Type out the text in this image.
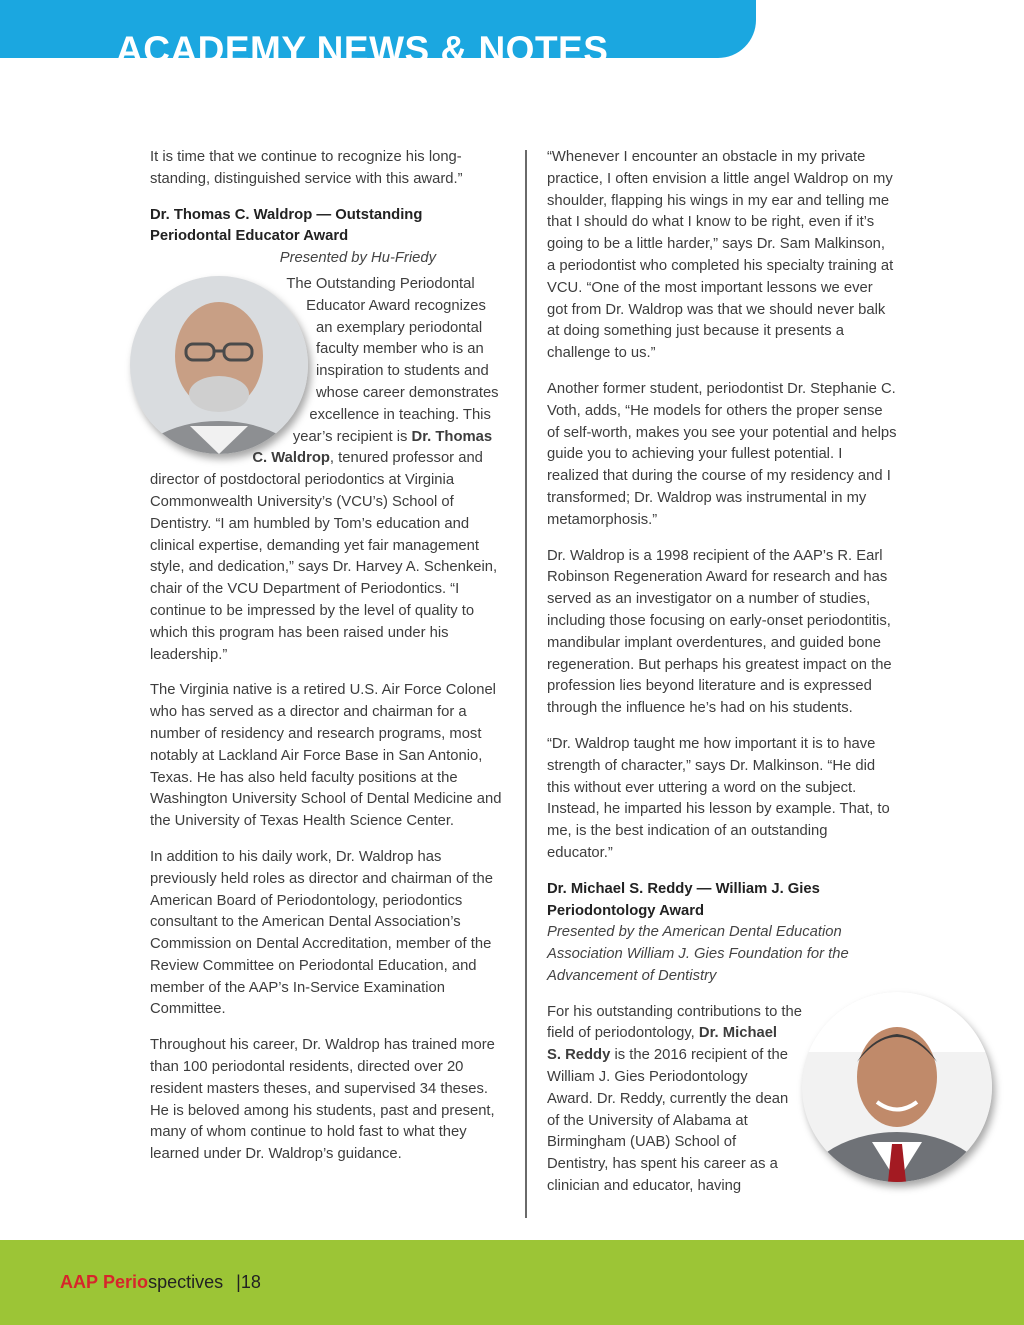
ACADEMY NEWS & NOTES

It is time that we continue to recognize his long-standing, distinguished service with this award.”

Dr. Thomas C. Waldrop — Outstanding Periodontal Educator Award

Presented by Hu-Friedy

The Outstanding Periodontal Educator Award recognizes an exemplary periodontal faculty member who is an inspiration to students and whose career demonstrates excellence in teaching. This year’s recipient is Dr. Thomas C. Waldrop, tenured professor and director of postdoctoral periodontics at Virginia Commonwealth University’s (VCU’s) School of Dentistry. “I am humbled by Tom’s education and clinical expertise, demanding yet fair management style, and dedication,” says Dr. Harvey A. Schenkein, chair of the VCU Department of Periodontics. “I continue to be impressed by the level of quality to which this program has been raised under his leadership.”

The Virginia native is a retired U.S. Air Force Colonel who has served as a director and chairman for a number of residency and research programs, most notably at Lackland Air Force Base in San Antonio, Texas. He has also held faculty positions at the Washington University School of Dental Medicine and the University of Texas Health Science Center.

In addition to his daily work, Dr. Waldrop has previously held roles as director and chairman of the American Board of Periodontology, periodontics consultant to the American Dental Association’s Commission on Dental Accreditation, member of the Review Committee on Periodontal Education, and member of the AAP’s In-Service Examination Committee.

Throughout his career, Dr. Waldrop has trained more than 100 periodontal residents, directed over 20 resident masters theses, and supervised 34 theses. He is beloved among his students, past and present, many of whom continue to hold fast to what they learned under Dr. Waldrop’s guidance.

“Whenever I encounter an obstacle in my private practice, I often envision a little angel Waldrop on my shoulder, flapping his wings in my ear and telling me that I should do what I know to be right, even if it’s going to be a little harder,” says Dr. Sam Malkinson, a periodontist who completed his specialty training at VCU. “One of the most important lessons we ever got from Dr. Waldrop was that we should never balk at doing something just because it presents a challenge to us.”

Another former student, periodontist Dr. Stephanie C. Voth, adds, “He models for others the proper sense of self-worth, makes you see your potential and helps guide you to achieving your fullest potential. I realized that during the course of my residency and I transformed; Dr. Waldrop was instrumental in my metamorphosis.”

Dr. Waldrop is a 1998 recipient of the AAP’s R. Earl Robinson Regeneration Award for research and has served as an investigator on a number of studies, including those focusing on early-onset periodontitis, mandibular implant overdentures, and guided bone regeneration. But perhaps his greatest impact on the profession lies beyond literature and is expressed through the influence he’s had on his students.

“Dr. Waldrop taught me how important it is to have strength of character,” says Dr. Malkinson. “He did this without ever uttering a word on the subject. Instead, he imparted his lesson by example. That, to me, is the best indication of an outstanding educator.”

Dr. Michael S. Reddy — William J. Gies Periodontology Award

Presented by the American Dental Education Association William J. Gies Foundation for the Advancement of Dentistry

For his outstanding contributions to the field of periodontology, Dr. Michael S. Reddy is the 2016 recipient of the William J. Gies Periodontology Award. Dr. Reddy, currently the dean of the University of Alabama at Birmingham (UAB) School of Dentistry, has spent his career as a clinician and educator, having

AAP Periospectives |18
